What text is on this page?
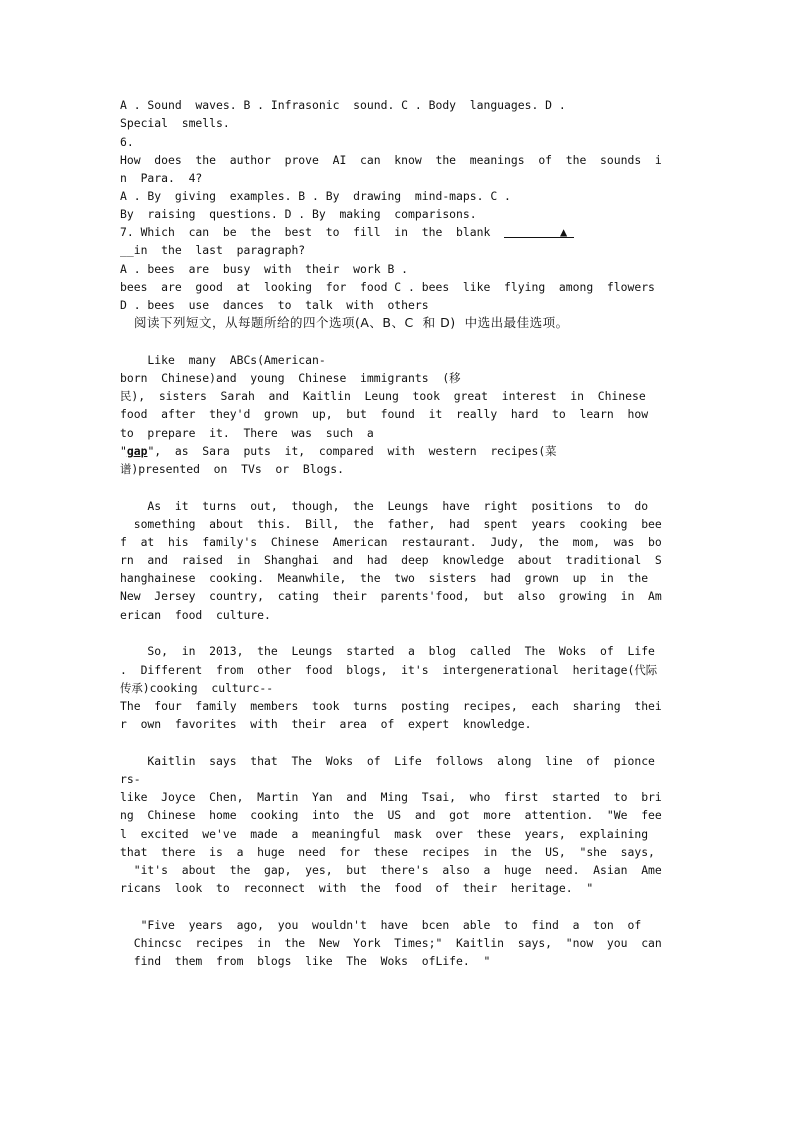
A . Sound  waves. B . Infrasonic  sound. C . Body  languages. D .
Special  smells.
6.
How  does  the  author  prove  AI  can  know  the  meanings  of  the  sounds  i
n  Para.  4?
A . By  giving  examples. B . By  drawing  mind-maps. C .
By  raising  questions. D . By  making  comparisons.
7. Which  can  be  the  best  to  fill  in  the  blank	▲
__in  the  last  paragraph?
A . bees  are  busy  with  their  work B .
bees  are  good  at  looking  for  food C . bees  like  flying  among  flowers
D . bees  use  dances  to  talk  with  others
阅读下列短文，从每题所给的四个选项(A、B、C  和 D)  中选出最佳选项。
Like  many  ABCs(American-
born  Chinese)and  young  Chinese  immigrants  (移
民),  sisters  Sarah  and  Kaitlin  Leung  took  great  interest  in  Chinese
food  after  they'd  grown  up,  but  found  it  really  hard  to  learn  how
to  prepare  it.  There  was  such  a
"gap",  as  Sara  puts  it,  compared  with  western  recipes(菜
谱)presented  on  TVs  or  Blogs.
As  it  turns  out,  though,  the  Leungs  have  right  positions  to  do
something  about  this.  Bill,  the  father,  had  spent  years  cooking  bee
f  at  his  family's  Chinese  American  restaurant.  Judy,  the  mom,  was  bo
rn  and  raised  in  Shanghai  and  had  deep  knowledge  about  traditional  S
hanghainese  cooking.  Meanwhile,  the  two  sisters  had  grown  up  in  the
New  Jersey  country,  cating  their  parents'food,  but  also  growing  in  Am
erican  food  culture.
So,  in  2013,  the  Leungs  started  a  blog  called  The  Woks  of  Life
.  Different  from  other  food  blogs,  it's  intergenerational  heritage(代际
传承)cooking  culturc--
The  four  family  members  took  turns  posting  recipes,  each  sharing  thei
r  own  favorites  with  their  area  of  expert  knowledge.
Kaitlin  says  that  The  Woks  of  Life  follows  along  line  of  pionce
rs-
like  Joyce  Chen,  Martin  Yan  and  Ming  Tsai,  who  first  started  to  bri
ng  Chinese  home  cooking  into  the  US  and  got  more  attention.  "We  fee
l  excited  we've  made  a  meaningful  mask  over  these  years,  explaining
that  there  is  a  huge  need  for  these  recipes  in  the  US,  "she  says,
"it's  about  the  gap,  yes,  but  there's  also  a  huge  need.  Asian  Ame
ricans  look  to  reconnect  with  the  food  of  their  heritage.  "
"Five  years  ago,  you  wouldn't  have  bcen  able  to  find  a  ton  of
Chincsc  recipes  in  the  New  York  Times;"  Kaitlin  says,  "now  you  can
find  them  from  blogs  like  The  Woks  ofLife.  "
